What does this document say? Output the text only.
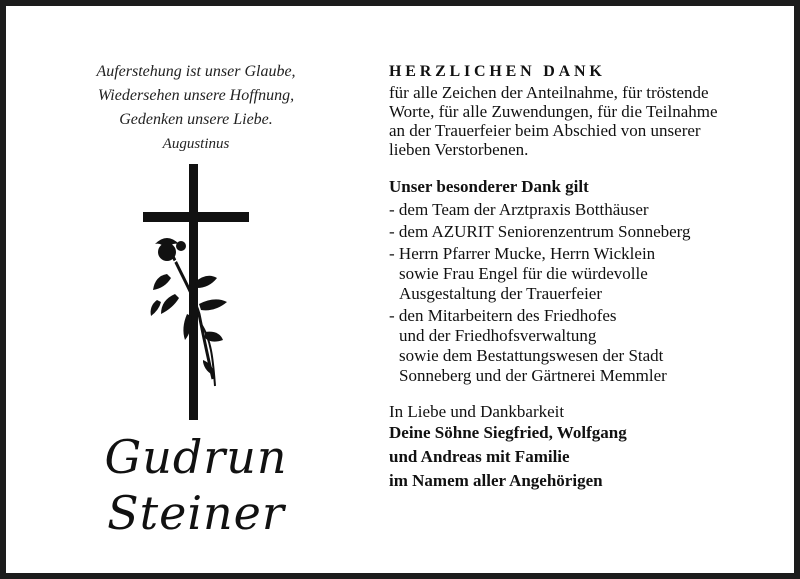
Auferstehung ist unser Glaube,
Wiedersehen unsere Hoffnung,
Gedenken unsere Liebe.
Augustinus
Gudrun
Steiner
HERZLICHEN DANK
für alle Zeichen der Anteilnahme, für tröstende
Worte, für alle Zuwendungen, für die Teilnahme
an der Trauerfeier beim Abschied von unserer
lieben Verstorbenen.
Unser besonderer Dank gilt
- dem Team der Arztpraxis Botthäuser
- dem AZURIT Seniorenzentrum Sonneberg
- Herrn Pfarrer Mucke, Herrn Wicklein
sowie Frau Engel für die würdevolle
Ausgestaltung der Trauerfeier
- den Mitarbeitern des Friedhofes
und der Friedhofsverwaltung
sowie dem Bestattungswesen der Stadt
Sonneberg und der Gärtnerei Memmler
In Liebe und Dankbarkeit
Deine Söhne Siegfried, Wolfgang
und Andreas mit Familie
im Namem aller Angehörigen
